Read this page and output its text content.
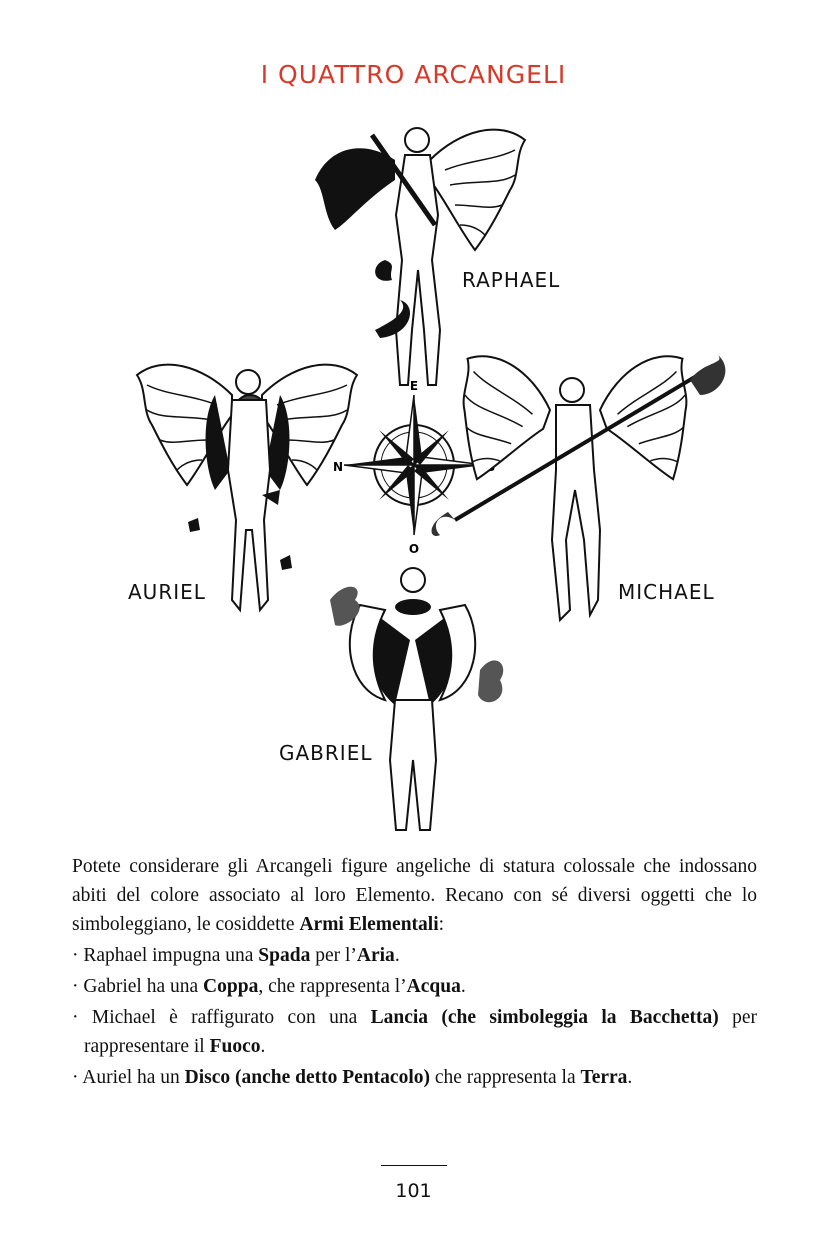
I QUATTRO ARCANGELI
E
O
N
RAPHAEL
AURIEL	MICHAEL
GABRIEL

Potete considerare gli Arcangeli figure angeliche di statura colossale che indossano abiti del colore associato al loro Elemento. Recano con sé diversi oggetti che lo simboleggiano, le cosiddette Armi Elementali:

· Raphael impugna una Spada per l’Aria.

· Gabriel ha una Coppa, che rappresenta l’Acqua.

· Michael è raffigurato con una Lancia (che simboleggia la Bacchetta) per rappresentare il Fuoco.

· Auriel ha un Disco (anche detto Pentacolo) che rappresenta la Terra.

101
